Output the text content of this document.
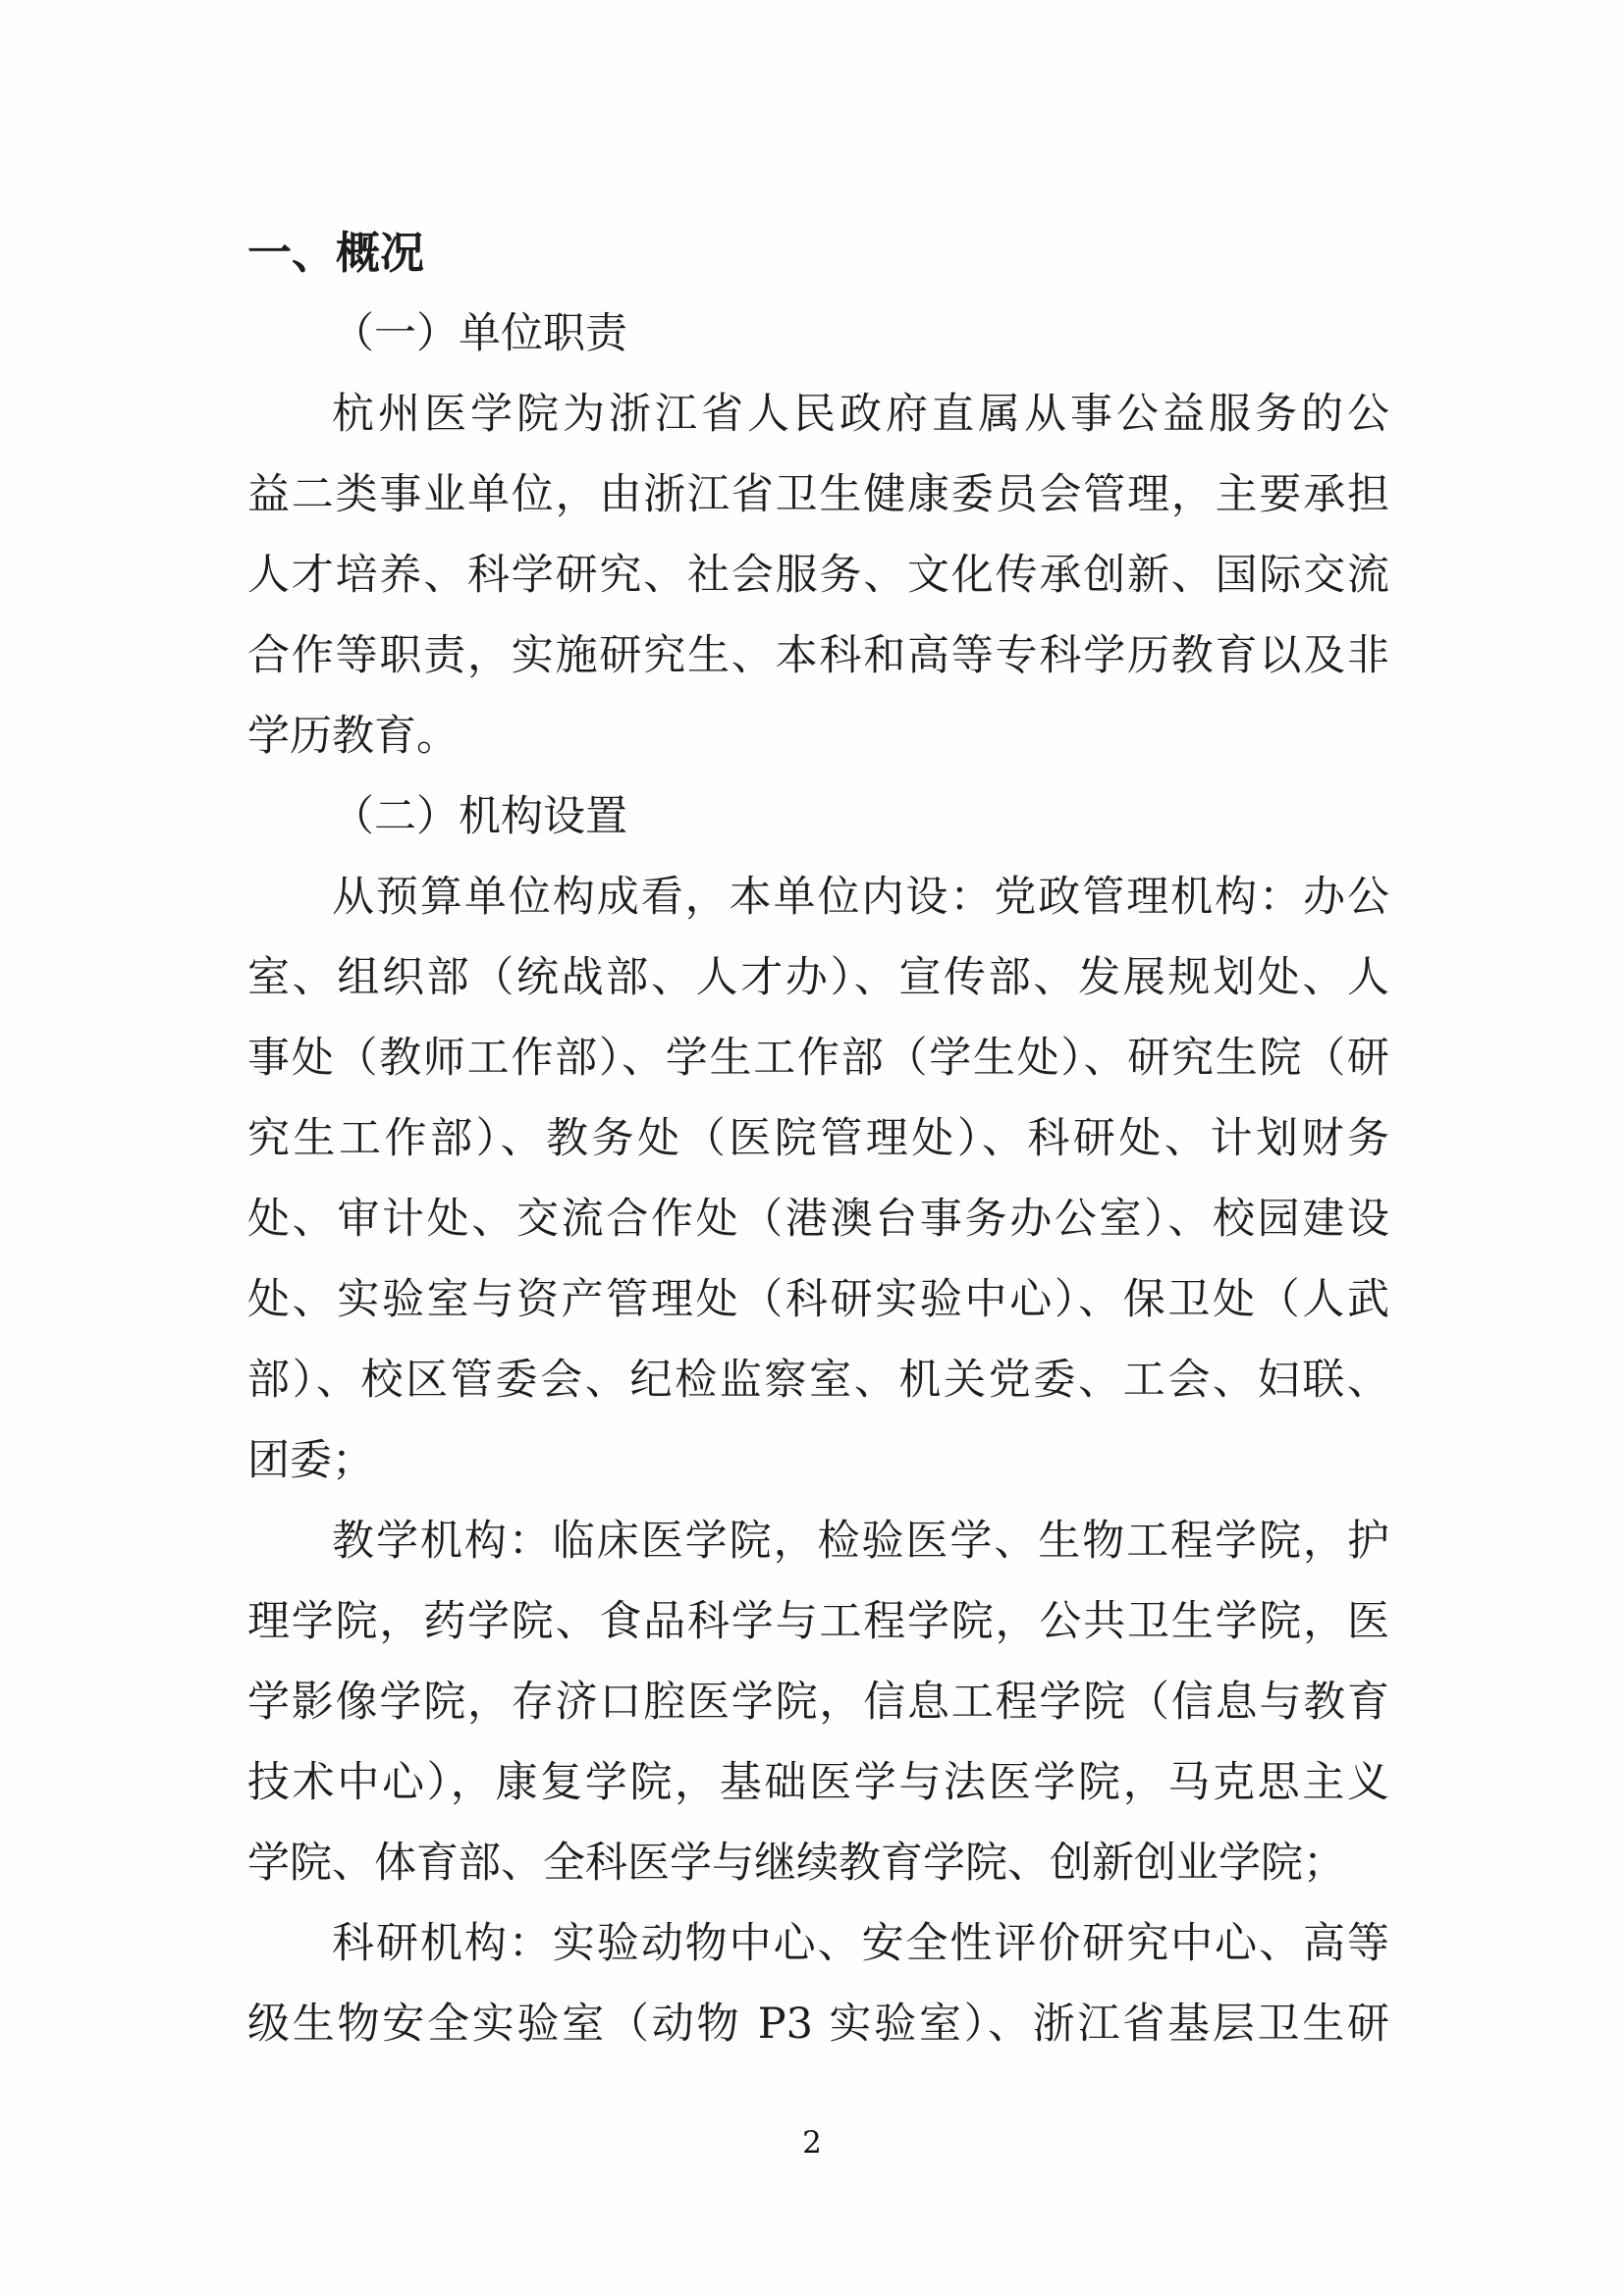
一、概况
（一）单位职责
杭州医学院为浙江省人民政府直属从事公益服务的公
益二类事业单位，由浙江省卫生健康委员会管理，主要承担
人才培养、科学研究、社会服务、文化传承创新、国际交流
合作等职责，实施研究生、本科和高等专科学历教育以及非
学历教育。
（二）机构设置
从预算单位构成看，本单位内设：党政管理机构：办公
室、组织部（统战部、人才办）、宣传部、发展规划处、人
事处（教师工作部）、学生工作部（学生处）、研究生院（研
究生工作部）、教务处（医院管理处）、科研处、计划财务
处、审计处、交流合作处（港澳台事务办公室）、校园建设
处、实验室与资产管理处（科研实验中心）、保卫处（人武
部）、校区管委会、纪检监察室、机关党委、工会、妇联、
团委；
教学机构：临床医学院，检验医学、生物工程学院，护
理学院，药学院、食品科学与工程学院，公共卫生学院，医
学影像学院，存济口腔医学院，信息工程学院（信息与教育
技术中心），康复学院，基础医学与法医学院，马克思主义
学院、体育部、全科医学与继续教育学院、创新创业学院；
科研机构：实验动物中心、安全性评价研究中心、高等
级生物安全实验室（动物 P3 实验室）、浙江省基层卫生研
2
